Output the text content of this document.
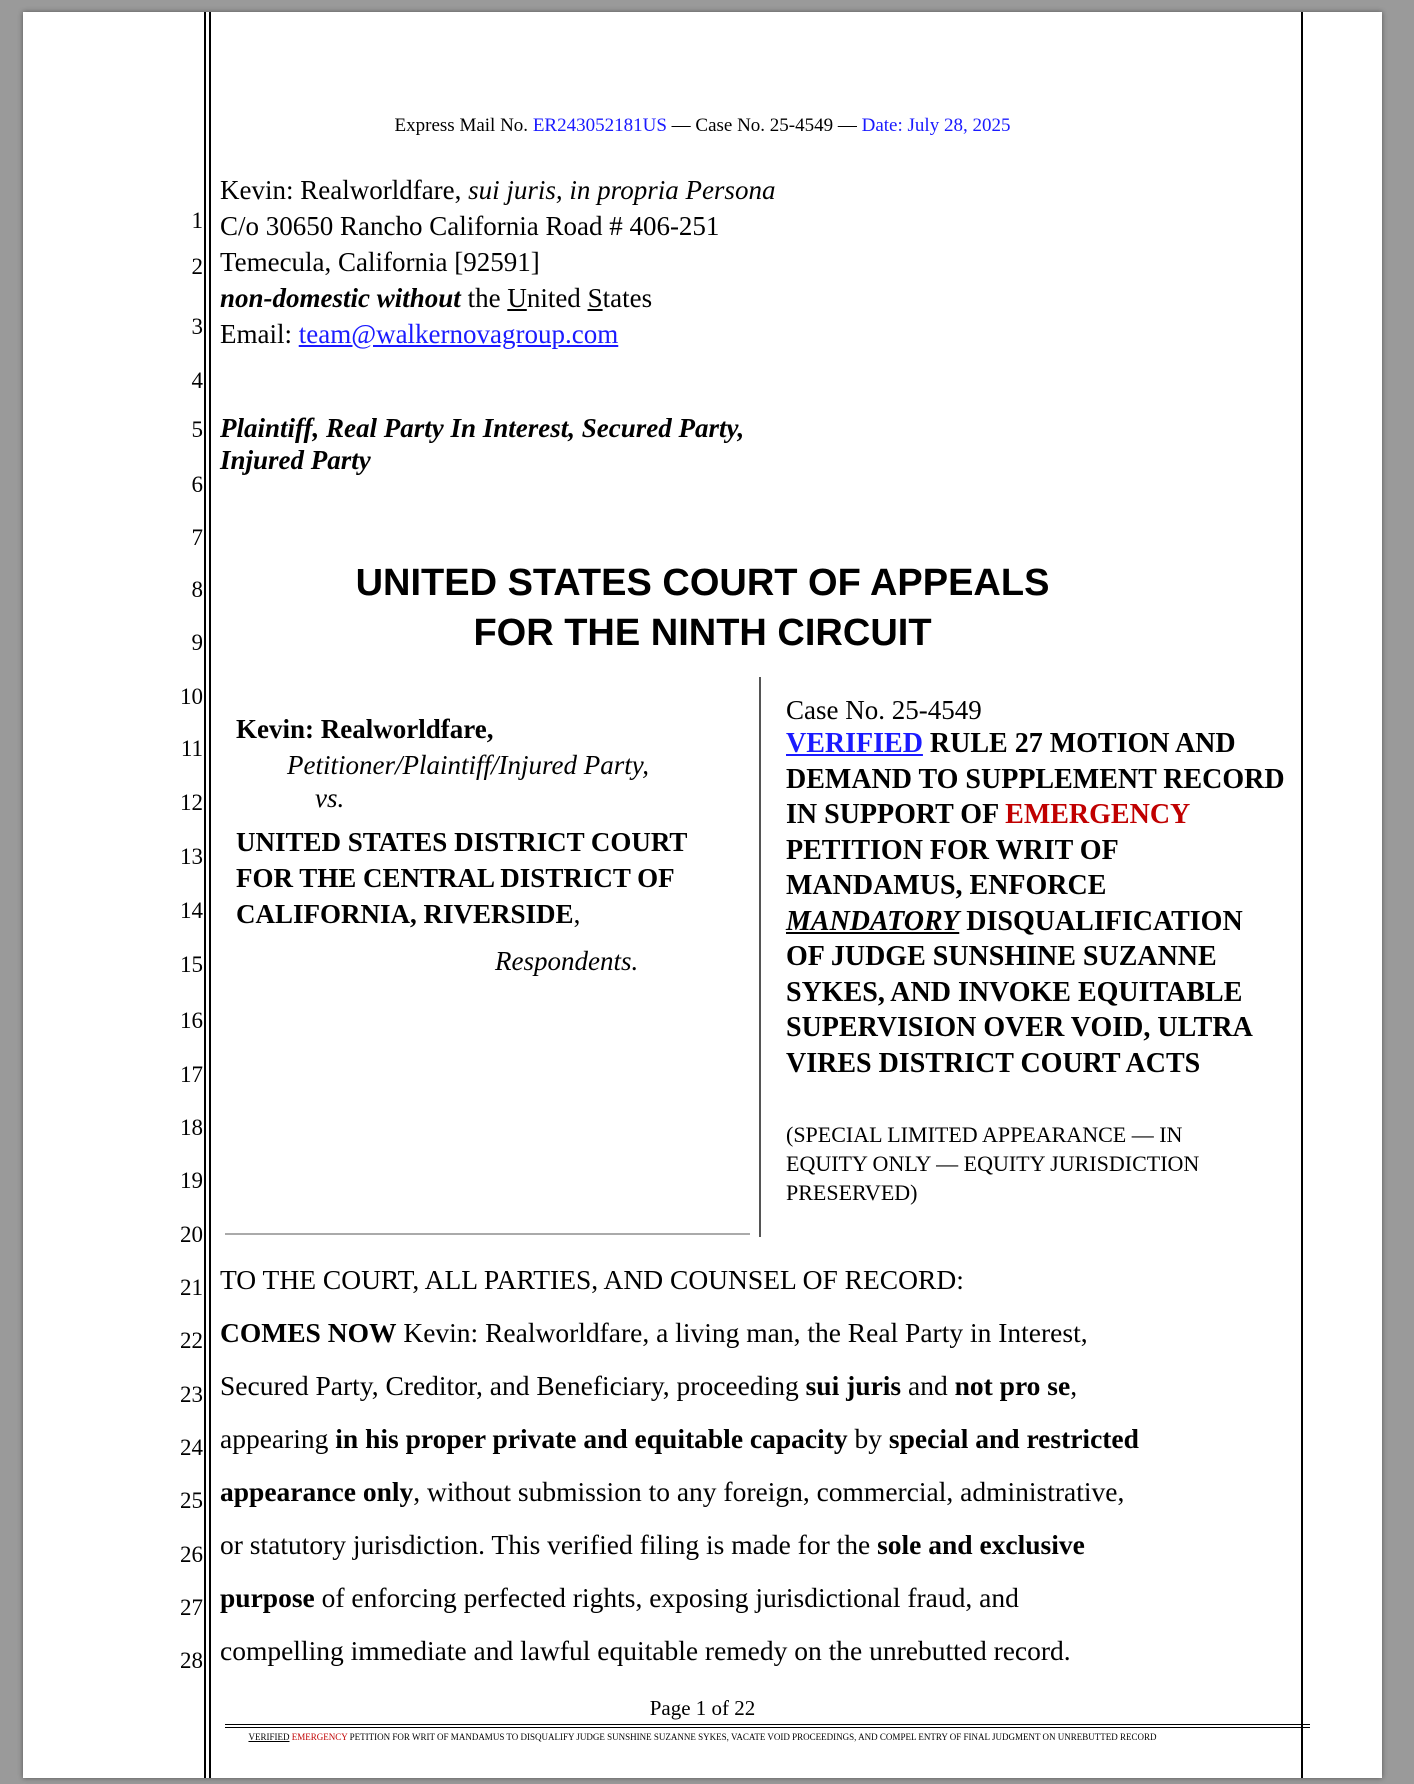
Express Mail No. ER243052181US — Case No. 25-4549 — Date: July 28, 2025
1
2
3
4
5
6
7
8
9
10
11
12
13
14
15
16
17
18
19
20
21
22
23
24
25
26
27
28
Kevin: Realworldfare, sui juris, in propria Persona
C/o 30650 Rancho California Road # 406-251
Temecula, California [92591]
non-domestic without the United States
Email: team@walkernovagroup.com
Plaintiff, Real Party In Interest, Secured Party,
Injured Party
UNITED STATES COURT OF APPEALS
FOR THE NINTH CIRCUIT
Kevin: Realworldfare,
Petitioner/Plaintiff/Injured Party,
vs.
UNITED STATES DISTRICT COURT
FOR THE CENTRAL DISTRICT OF
CALIFORNIA, RIVERSIDE,
Respondents.
Case No. 25-4549
VERIFIED RULE 27 MOTION AND DEMAND TO SUPPLEMENT RECORD IN SUPPORT OF EMERGENCY PETITION FOR WRIT OF MANDAMUS, ENFORCE MANDATORY DISQUALIFICATION OF JUDGE SUNSHINE SUZANNE SYKES, AND INVOKE EQUITABLE SUPERVISION OVER VOID, ULTRA VIRES DISTRICT COURT ACTS
(SPECIAL LIMITED APPEARANCE — IN EQUITY ONLY — EQUITY JURISDICTION PRESERVED)
TO THE COURT, ALL PARTIES, AND COUNSEL OF RECORD:
COMES NOW Kevin: Realworldfare, a living man, the Real Party in Interest,
Secured Party, Creditor, and Beneficiary, proceeding sui juris and not pro se,
appearing in his proper private and equitable capacity by special and restricted
appearance only, without submission to any foreign, commercial, administrative,
or statutory jurisdiction. This verified filing is made for the sole and exclusive
purpose of enforcing perfected rights, exposing jurisdictional fraud, and
compelling immediate and lawful equitable remedy on the unrebutted record.
Page 1 of 22
VERIFIED EMERGENCY PETITION FOR WRIT OF MANDAMUS TO DISQUALIFY JUDGE SUNSHINE SUZANNE SYKES, VACATE VOID PROCEEDINGS, AND COMPEL ENTRY OF FINAL JUDGMENT ON UNREBUTTED RECORD
